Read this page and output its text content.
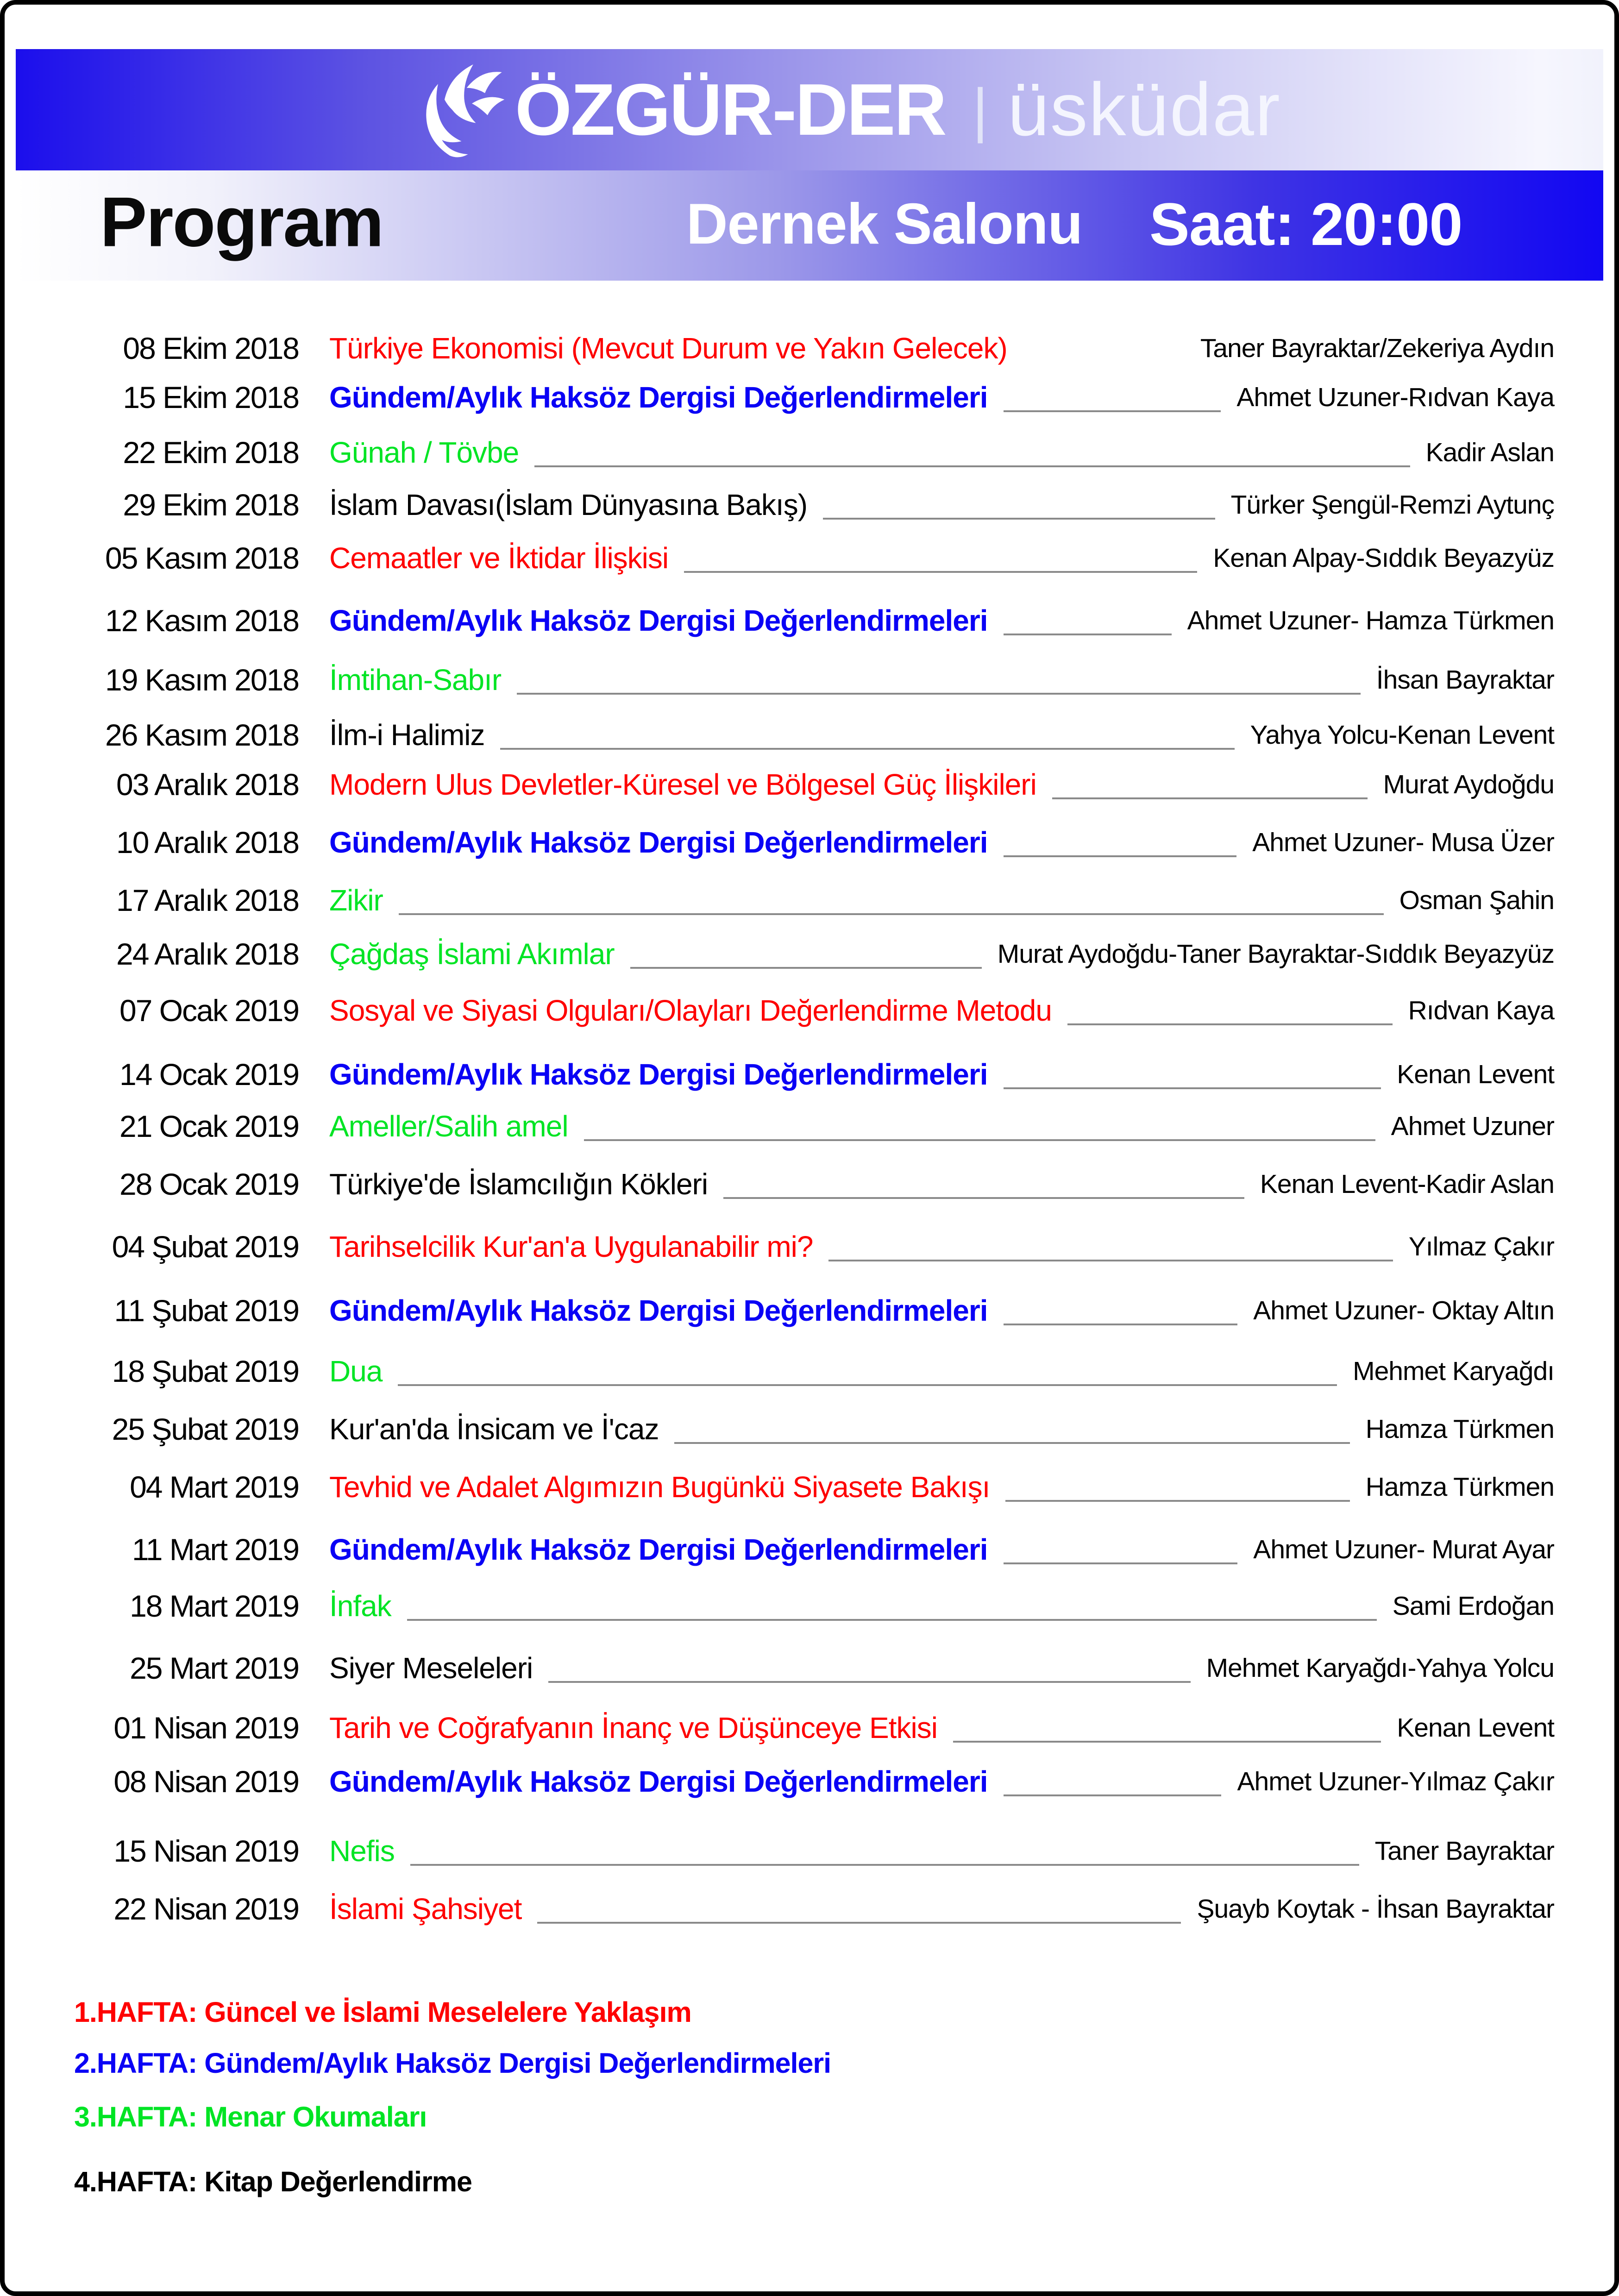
ÖZGÜR-DER | üsküdar
Program	Dernek Salonu Saat: 20:00
08 Ekim 2018 Türkiye Ekonomisi (Mevcut Durum ve Yakın Gelecek)	Taner Bayraktar/Zekeriya Aydın
15 Ekim 2018 Gündem/Aylık Haksöz Dergisi Değerlendirmeleri	Ahmet Uzuner-Rıdvan Kaya
22 Ekim 2018 Günah / Tövbe	Kadir Aslan
29 Ekim 2018 İslam Davası(İslam Dünyasına Bakış)	Türker Şengül-Remzi Aytunç
05 Kasım 2018 Cemaatler ve İktidar İlişkisi	Kenan Alpay-Sıddık Beyazyüz
12 Kasım 2018 Gündem/Aylık Haksöz Dergisi Değerlendirmeleri	Ahmet Uzuner- Hamza Türkmen
19 Kasım 2018 İmtihan-Sabır	İhsan Bayraktar
26 Kasım 2018 İlm-i Halimiz	Yahya Yolcu-Kenan Levent
03 Aralık 2018 Modern Ulus Devletler-Küresel ve Bölgesel Güç İlişkileri	Murat Aydoğdu
10 Aralık 2018 Gündem/Aylık Haksöz Dergisi Değerlendirmeleri	Ahmet Uzuner- Musa Üzer
17 Aralık 2018 Zikir	Osman Şahin
24 Aralık 2018 Çağdaş İslami Akımlar	Murat Aydoğdu-Taner Bayraktar-Sıddık Beyazyüz
07 Ocak 2019 Sosyal ve Siyasi Olguları/Olayları Değerlendirme Metodu	Rıdvan Kaya
14 Ocak 2019 Gündem/Aylık Haksöz Dergisi Değerlendirmeleri	Kenan Levent
21 Ocak 2019 Ameller/Salih amel	Ahmet Uzuner
28 Ocak 2019 Türkiye'de İslamcılığın Kökleri	Kenan Levent-Kadir Aslan
04 Şubat 2019 Tarihselcilik Kur'an'a Uygulanabilir mi?	Yılmaz Çakır
11 Şubat 2019 Gündem/Aylık Haksöz Dergisi Değerlendirmeleri	Ahmet Uzuner- Oktay Altın
18 Şubat 2019 Dua	Mehmet Karyağdı
25 Şubat 2019 Kur'an'da İnsicam ve İ'caz	Hamza Türkmen
04 Mart 2019 Tevhid ve Adalet Algımızın Bugünkü Siyasete Bakışı	Hamza Türkmen
11 Mart 2019 Gündem/Aylık Haksöz Dergisi Değerlendirmeleri	Ahmet Uzuner- Murat Ayar
18 Mart 2019 İnfak	Sami Erdoğan
25 Mart 2019 Siyer Meseleleri	Mehmet Karyağdı-Yahya Yolcu
01 Nisan 2019 Tarih ve Coğrafyanın İnanç ve Düşünceye Etkisi	Kenan Levent
08 Nisan 2019 Gündem/Aylık Haksöz Dergisi Değerlendirmeleri	Ahmet Uzuner-Yılmaz Çakır
15 Nisan 2019 Nefis	Taner Bayraktar
22 Nisan 2019 İslami Şahsiyet	Şuayb Koytak - İhsan Bayraktar
1.HAFTA: Güncel ve İslami Meselelere Yaklaşım
2.HAFTA: Gündem/Aylık Haksöz Dergisi Değerlendirmeleri
3.HAFTA: Menar Okumaları
4.HAFTA: Kitap Değerlendirme
